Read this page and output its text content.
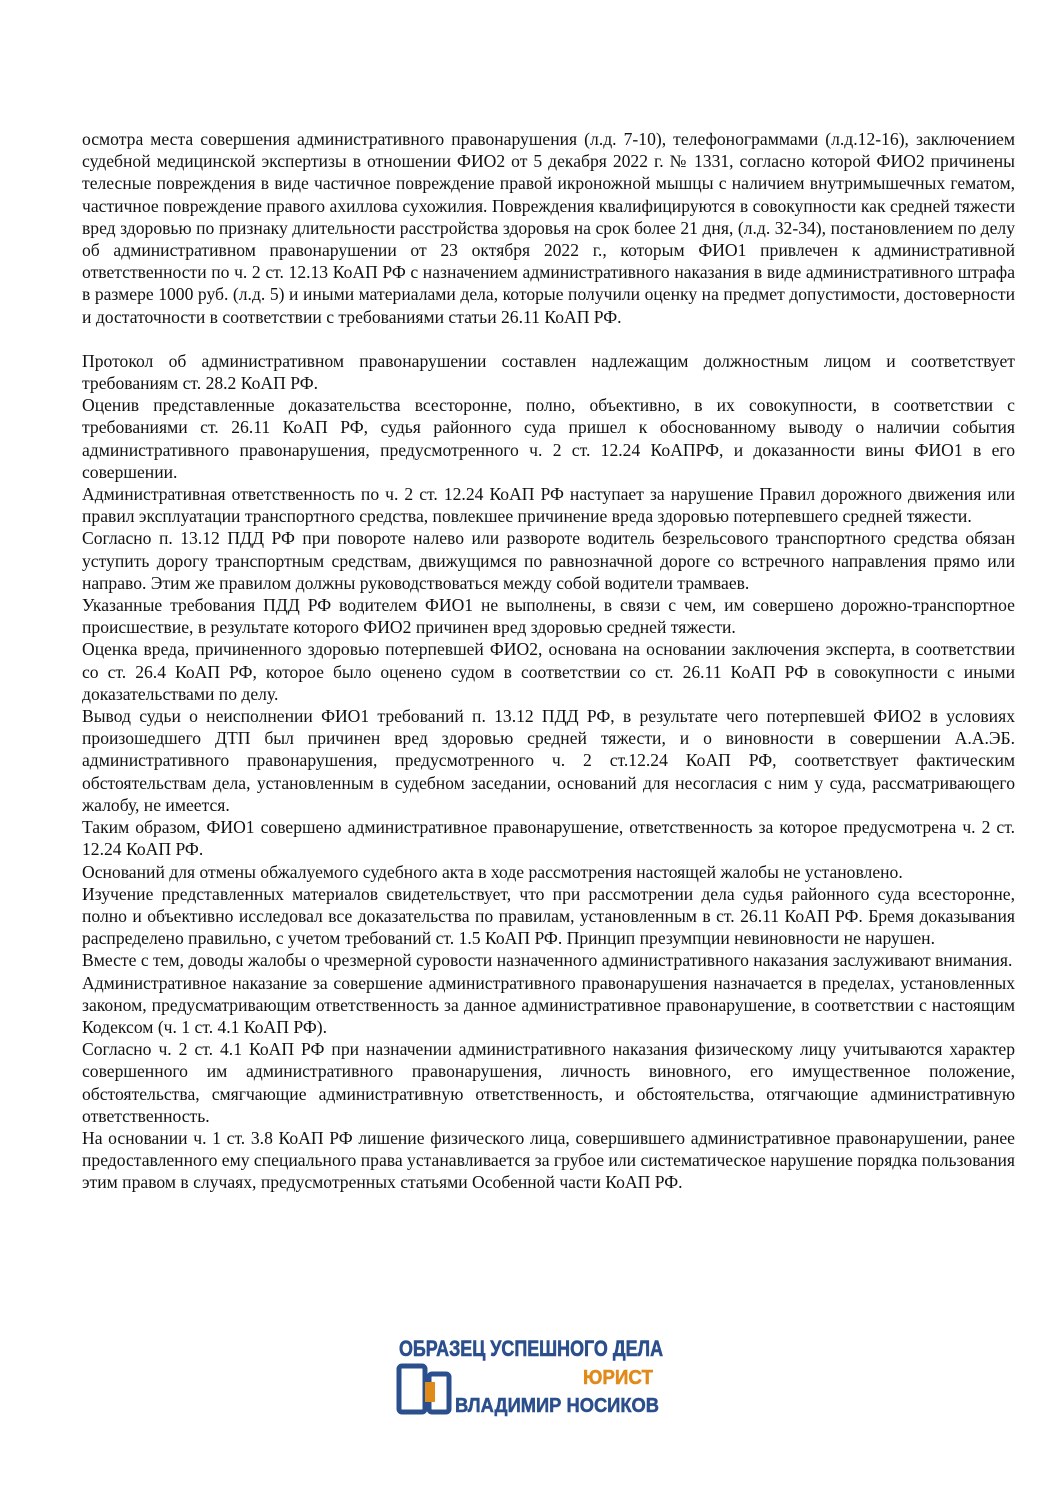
осмотра места совершения административного правонарушения (л.д. 7-10), телефонограммами (л.д.12-16), заключением судебной медицинской экспертизы в отношении ФИО2 от 5 декабря 2022 г. № 1331, согласно которой ФИО2 причинены телесные повреждения в виде частичное повреждение правой икроножной мышцы с наличием внутримышечных гематом, частичное повреждение правого ахиллова сухожилия. Повреждения квалифицируются в совокупности как средней тяжести вред здоровью по признаку длительности расстройства здоровья на срок более 21 дня, (л.д. 32-34), постановлением по делу об административном правонарушении от 23 октября 2022 г., которым ФИО1 привлечен к административной ответственности по ч. 2 ст. 12.13 КоАП РФ с назначением административного наказания в виде административного штрафа в размере 1000 руб. (л.д. 5) и иными материалами дела, которые получили оценку на предмет допустимости, достоверности и достаточности в соответствии с требованиями статьи 26.11 КоАП РФ.

Протокол об административном правонарушении составлен надлежащим должностным лицом и соответствует требованиям ст. 28.2 КоАП РФ.

Оценив представленные доказательства всесторонне, полно, объективно, в их совокупности, в соответствии с требованиями ст. 26.11 КоАП РФ, судья районного суда пришел к обоснованному выводу о наличии события административного правонарушения, предусмотренного ч. 2 ст. 12.24 КоАПРФ, и доказанности вины ФИО1 в его совершении.

Административная ответственность по ч. 2 ст. 12.24 КоАП РФ наступает за нарушение Правил дорожного движения или правил эксплуатации транспортного средства, повлекшее причинение вреда здоровью потерпевшего средней тяжести.

Согласно п. 13.12 ПДД РФ при повороте налево или развороте водитель безрельсового транспортного средства обязан уступить дорогу транспортным средствам, движущимся по равнозначной дороге со встречного направления прямо или направо. Этим же правилом должны руководствоваться между собой водители трамваев.

Указанные требования ПДД РФ водителем ФИО1 не выполнены, в связи с чем, им совершено дорожно-транспортное происшествие, в результате которого ФИО2 причинен вред здоровью средней тяжести.

Оценка вреда, причиненного здоровью потерпевшей ФИО2, основана на основании заключения эксперта, в соответствии со ст. 26.4 КоАП РФ, которое было оценено судом в соответствии со ст. 26.11 КоАП РФ в совокупности с иными доказательствами по делу.

Вывод судьи о неисполнении ФИО1 требований п. 13.12 ПДД РФ, в результате чего потерпевшей ФИО2 в условиях произошедшего ДТП был причинен вред здоровью средней тяжести, и о виновности в совершении А.А.ЭБ. административного правонарушения, предусмотренного ч. 2 ст.12.24 КоАП РФ, соответствует фактическим обстоятельствам дела, установленным в судебном заседании, оснований для несогласия с ним у суда, рассматривающего жалобу, не имеется.

Таким образом, ФИО1 совершено административное правонарушение, ответственность за которое предусмотрена ч. 2 ст. 12.24 КоАП РФ.

Оснований для отмены обжалуемого судебного акта в ходе рассмотрения настоящей жалобы не установлено.

Изучение представленных материалов свидетельствует, что при рассмотрении дела судья районного суда всесторонне, полно и объективно исследовал все доказательства по правилам, установленным в ст. 26.11 КоАП РФ. Бремя доказывания распределено правильно, с учетом требований ст. 1.5 КоАП РФ. Принцип презумпции невиновности не нарушен.

Вместе с тем, доводы жалобы о чрезмерной суровости назначенного административного наказания заслуживают внимания.

Административное наказание за совершение административного правонарушения назначается в пределах, установленных законом, предусматривающим ответственность за данное административное правонарушение, в соответствии с настоящим Кодексом (ч. 1 ст. 4.1 КоАП РФ).

Согласно ч. 2 ст. 4.1 КоАП РФ при назначении административного наказания физическому лицу учитываются характер совершенного им административного правонарушения, личность виновного, его имущественное положение, обстоятельства, смягчающие административную ответственность, и обстоятельства, отягчающие административную ответственность.

На основании ч. 1 ст. 3.8 КоАП РФ лишение физического лица, совершившего административное правонарушении, ранее предоставленного ему специального права устанавливается за грубое или систематическое нарушение порядка пользования этим правом в случаях, предусмотренных статьями Особенной части КоАП РФ.

ОБРАЗЕЦ УСПЕШНОГО ДЕЛА
ЮРИСТ
ВЛАДИМИР НОСИКОВ
